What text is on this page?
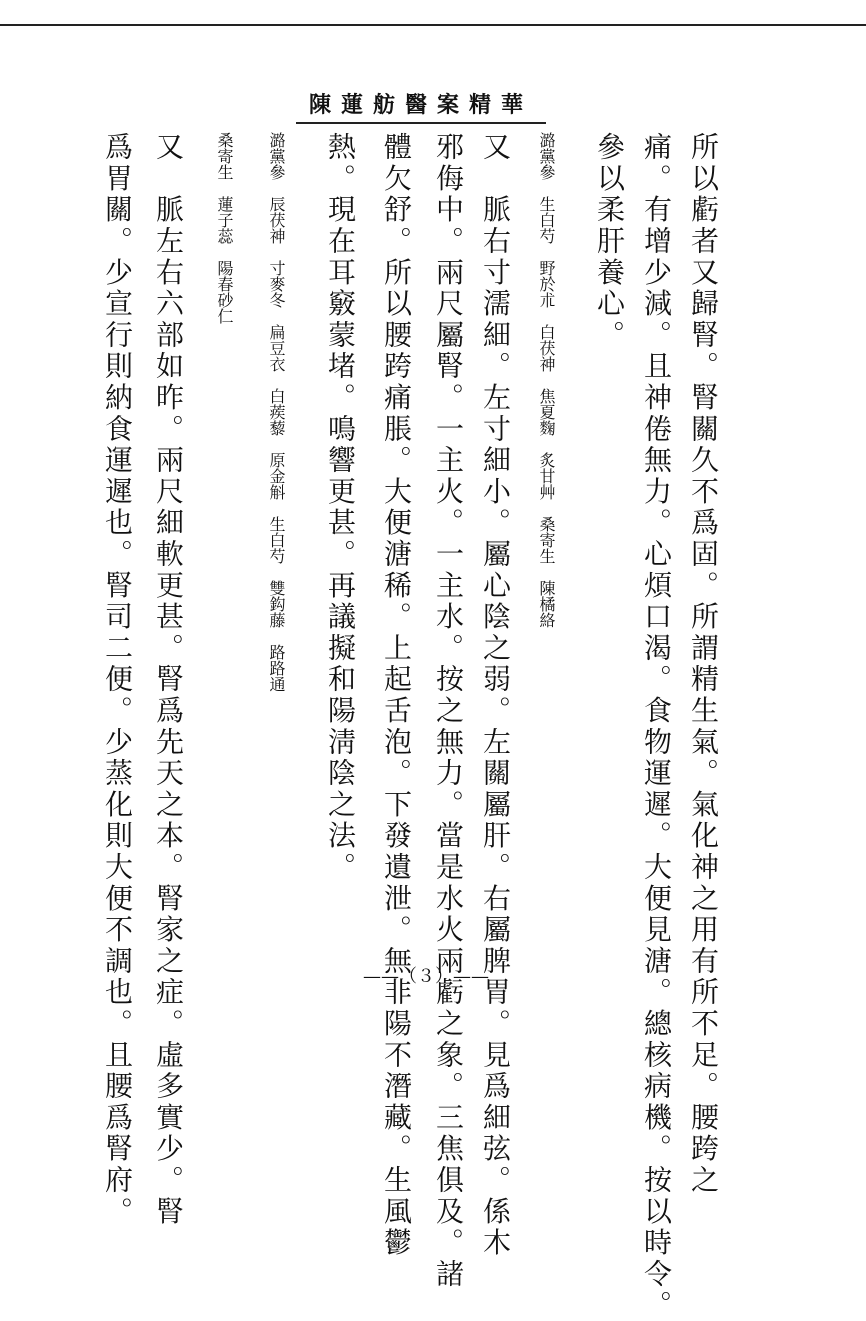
陳蓮舫醫案精華
所以虧者又歸腎。腎關久不爲固。所謂精生氣。氣化神之用有所不足。腰跨之
痛。有增少減。且神倦無力。心煩口渴。食物運遲。大便見溏。總核病機。按以時令。
參以柔肝養心。
潞黨參　生白芍　野於朮　白茯神　焦夏麴　炙甘艸　桑寄生　陳橘絡
又　脈右寸濡細。左寸細小。屬心陰之弱。左關屬肝。右屬脾胃。見爲細弦。係木
邪侮中。兩尺屬腎。一主火。一主水。按之無力。當是水火兩虧之象。三焦俱及。諸
體欠舒。所以腰跨痛脹。大便溏稀。上起舌泡。下發遺泄。無非陽不潛藏。生風鬱
熱。現在耳竅蒙堵。鳴響更甚。再議擬和陽淸陰之法。
潞黨參　辰茯神　寸麥冬　扁豆衣　白蒺藜　原金斛　生白芍　雙鈎藤　路路通
桑寄生　蓮子蕊　陽春砂仁
又　脈左右六部如昨。兩尺細軟更甚。腎爲先天之本。腎家之症。虛多實少。腎
爲胃關。少宣行則納食運遲也。腎司二便。少蒸化則大便不調也。且腰爲腎府。	——（３）——
